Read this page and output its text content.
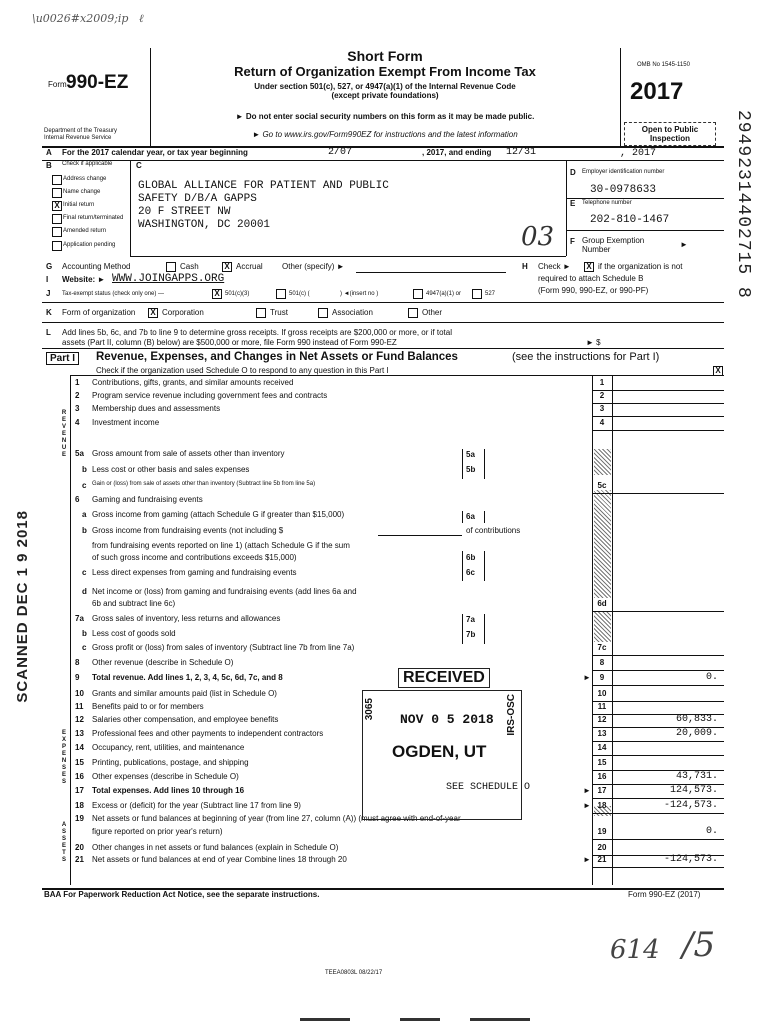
\u0026#x2009;ip   ℓ
Form 990-EZ
Department of the Treasury
Internal Revenue Service
Short Form
Return of Organization Exempt From Income Tax
Under section 501(c), 527, or 4947(a)(1) of the Internal Revenue Code
(except private foundations)
► Do not enter social security numbers on this form as it may be made public.
► Go to www.irs.gov/Form990EZ for instructions and the latest information
OMB No 1545-1150
2017
Open to Public
Inspection
A For the 2017 calendar year, or tax year beginning	2/07	, 2017, and ending 12/31	, 2017
B Check if applicable
Address change
Name change
X Initial return
Final return/terminated
Amended return
Application pending
C
GLOBAL ALLIANCE FOR PATIENT AND PUBLIC
SAFETY D/B/A GAPPS
20 F STREET NW
WASHINGTON, DC 20001	03
D Employer identification number
30-0978633
E Telephone number
202-810-1467
F Group Exemption
Number
►
G Accounting Method	Cash	X Accrual Other (specify) ►	H Check ► X if the organization is not
required to attach Schedule B
(Form 990, 990-EZ, or 990-PF)
I Website: ► WWW.JOINGAPPS.ORG
J Tax-exempt status (check only one) —	X 501(c)(3)	501(c) (	) ◄(insert no )	4947(a)(1) or	527
K Form of organization X Corporation	Trust	Association	Other
L Add lines 5b, 6c, and 7b to line 9 to determine gross receipts. If gross receipts are $200,000 or more, or if total
assets (Part II, column (B) below) are $500,000 or more, file Form 990 instead of Form 990-EZ	► $
Part I	Revenue, Expenses, and Changes in Net Assets or Fund Balances	(see the instructions for Part I)
Check if the organization used Schedule O to respond to any question in this Part I	X
R E V E N U E
E X P E N S E S
A S S E T S
5a
5b
6a
6b
6c
7a
7b
of contributions
1 Contributions, gifts, grants, and similar amounts received	1
2 Program service revenue including government fees and contracts	2
3 Membership dues and assessments	3
4 Investment income	4
5a Gross amount from sale of assets other than inventory
b Less cost or other basis and sales expenses
c Gain or (loss) from sale of assets other than inventory (Subtract line 5b from line 5a)	5c
6 Gaming and fundraising events
a Gross income from gaming (attach Schedule G if greater than $15,000)
b Gross income from fundraising events (not including $
from fundraising events reported on line 1) (attach Schedule G if the sum
of such gross income and contributions exceeds $15,000)
c Less direct expenses from gaming and fundraising events
d Net income or (loss) from gaming and fundraising events (add lines 6a and
6b and subtract line 6c)	6d
7a Gross sales of inventory, less returns and allowances
b Less cost of goods sold
c Gross profit or (loss) from sales of inventory (Subtract line 7b from line 7a)	7c
8 Other revenue (describe in Schedule O)	8
9 Total revenue. Add lines 1, 2, 3, 4, 5c, 6d, 7c, and 8	9	0.
►
10 Grants and similar amounts paid (list in Schedule O)	10
11 Benefits paid to or for members	11
12 Salaries other compensation, and employee benefits	12	60,833.
13 Professional fees and other payments to independent contractors	13	20,009.
14 Occupancy, rent, utilities, and maintenance	14
15 Printing, publications, postage, and shipping	15
16 Other expenses (describe in Schedule O)	16	43,731.
17 Total expenses. Add lines 10 through 16	17	124,573.
►
18 Excess or (deficit) for the year (Subtract line 17 from line 9)	18	-124,573.
►
19 Net assets or fund balances at beginning of year (from line 27, column (A)) (must agree with end-of-year
figure reported on prior year's return)	19	0.
20 Other changes in net assets or fund balances (explain in Schedule O)	20
21 Net assets or fund balances at end of year Combine lines 18 through 20	21	-124,573.
►
SEE SCHEDULE O
RECEIVED
3065	IRS-OSC
NOV 0 5 2018
OGDEN, UT
SCANNED DEC 1 9 2018
29492314402715 8
BAA For Paperwork Reduction Act Notice, see the separate instructions.	Form 990-EZ (2017)
TEEA0803L 08/22/17
614 /5
